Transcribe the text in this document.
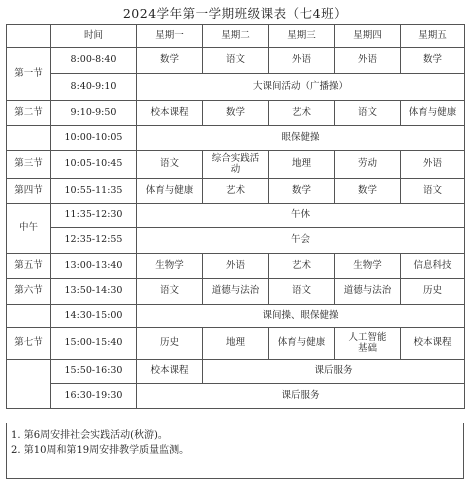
2024学年第一学期班级课表（七4班）
	时间	星期一	星期二	星期三	星期四	星期五
第一节	8:00-8:40	数学	语文	外语	外语	数学
	8:40-9:10	大课间活动（广播操）				
第二节	9:10-9:50	校本课程	数学	艺术	语文	体育与健康
	10:00-10:05	眼保健操				
第三节	10:05-10:45	语文	综合实践活动	地理	劳动	外语
第四节	10:55-11:35	体育与健康	艺术	数学	数学	语文
中午	11:35-12:30	午休				
	12:35-12:55	午会				
第五节	13:00-13:40	生物学	外语	艺术	生物学	信息科技
第六节	13:50-14:30	语文	道德与法治	语文	道德与法治	历史
	14:30-15:00	课间操、眼保健操				
第七节	15:00-15:40	历史	地理	体育与健康	人工智能基础	校本课程
	15:50-16:30	校本课程	课后服务			
	16:30-19:30	课后服务				
1. 第6周安排社会实践活动(秋游)。
2. 第10周和第19周安排教学质量监测。
